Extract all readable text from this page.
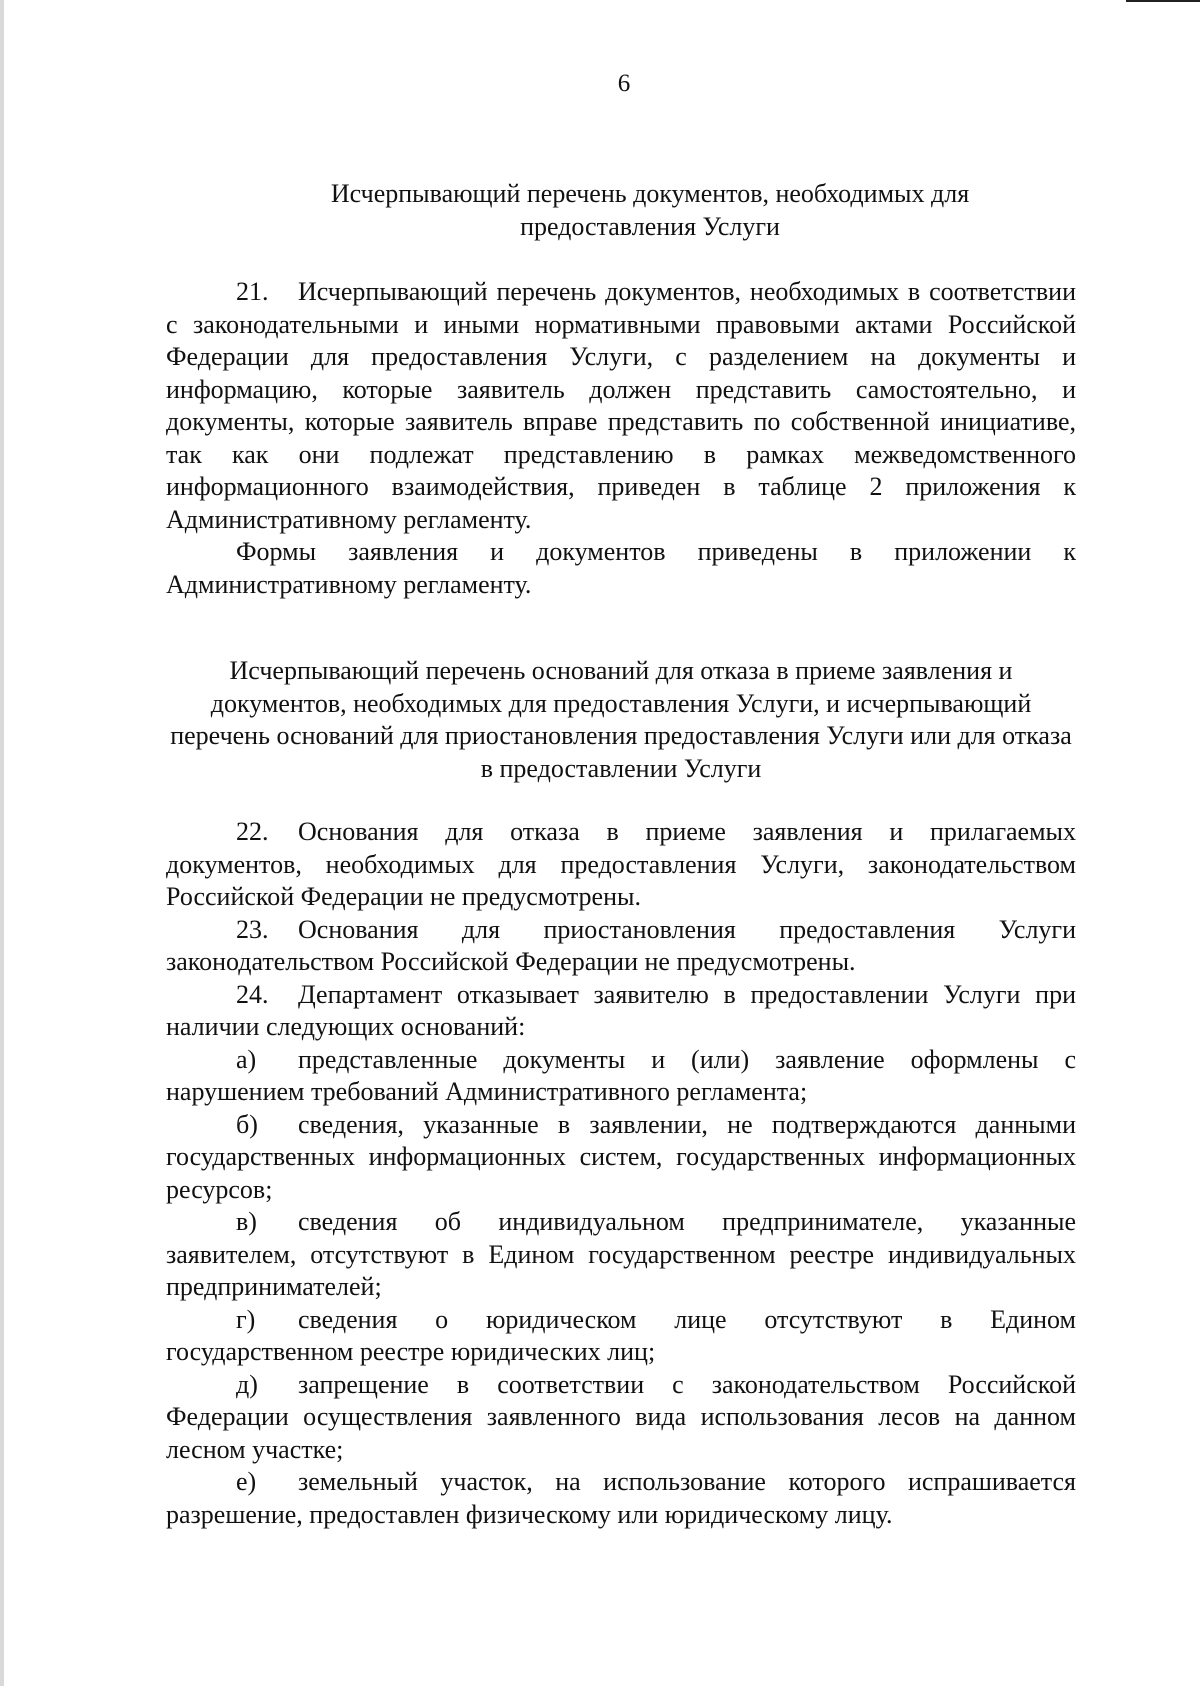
6
Исчерпывающий перечень документов, необходимых для предоставления Услуги

21. Исчерпывающий перечень документов, необходимых в соответствии с законодательными и иными нормативными правовыми актами Российской Федерации для предоставления Услуги, с разделением на документы и информацию, которые заявитель должен представить самостоятельно, и документы, которые заявитель вправе представить по собственной инициативе, так как они подлежат представлению в рамках межведомственного информационного взаимодействия, приведен в таблице 2 приложения к Административному регламенту.

Формы заявления и документов приведены в приложении к Административному регламенту.

Исчерпывающий перечень оснований для отказа в приеме заявления и документов, необходимых для предоставления Услуги, и исчерпывающий перечень оснований для приостановления предоставления Услуги или для отказа в предоставлении Услуги

22. Основания для отказа в приеме заявления и прилагаемых документов, необходимых для предоставления Услуги, законодательством Российской Федерации не предусмотрены.

23. Основания для приостановления предоставления Услуги законодательством Российской Федерации не предусмотрены.

24. Департамент отказывает заявителю в предоставлении Услуги при наличии следующих оснований:

а) представленные документы и (или) заявление оформлены с нарушением требований Административного регламента;

б) сведения, указанные в заявлении, не подтверждаются данными государственных информационных систем, государственных информационных ресурсов;

в) сведения об индивидуальном предпринимателе, указанные заявителем, отсутствуют в Едином государственном реестре индивидуальных предпринимателей;

г) сведения о юридическом лице отсутствуют в Едином государственном реестре юридических лиц;

д) запрещение в соответствии с законодательством Российской Федерации осуществления заявленного вида использования лесов на данном лесном участке;

е) земельный участок, на использование которого испрашивается разрешение, предоставлен физическому или юридическому лицу.
